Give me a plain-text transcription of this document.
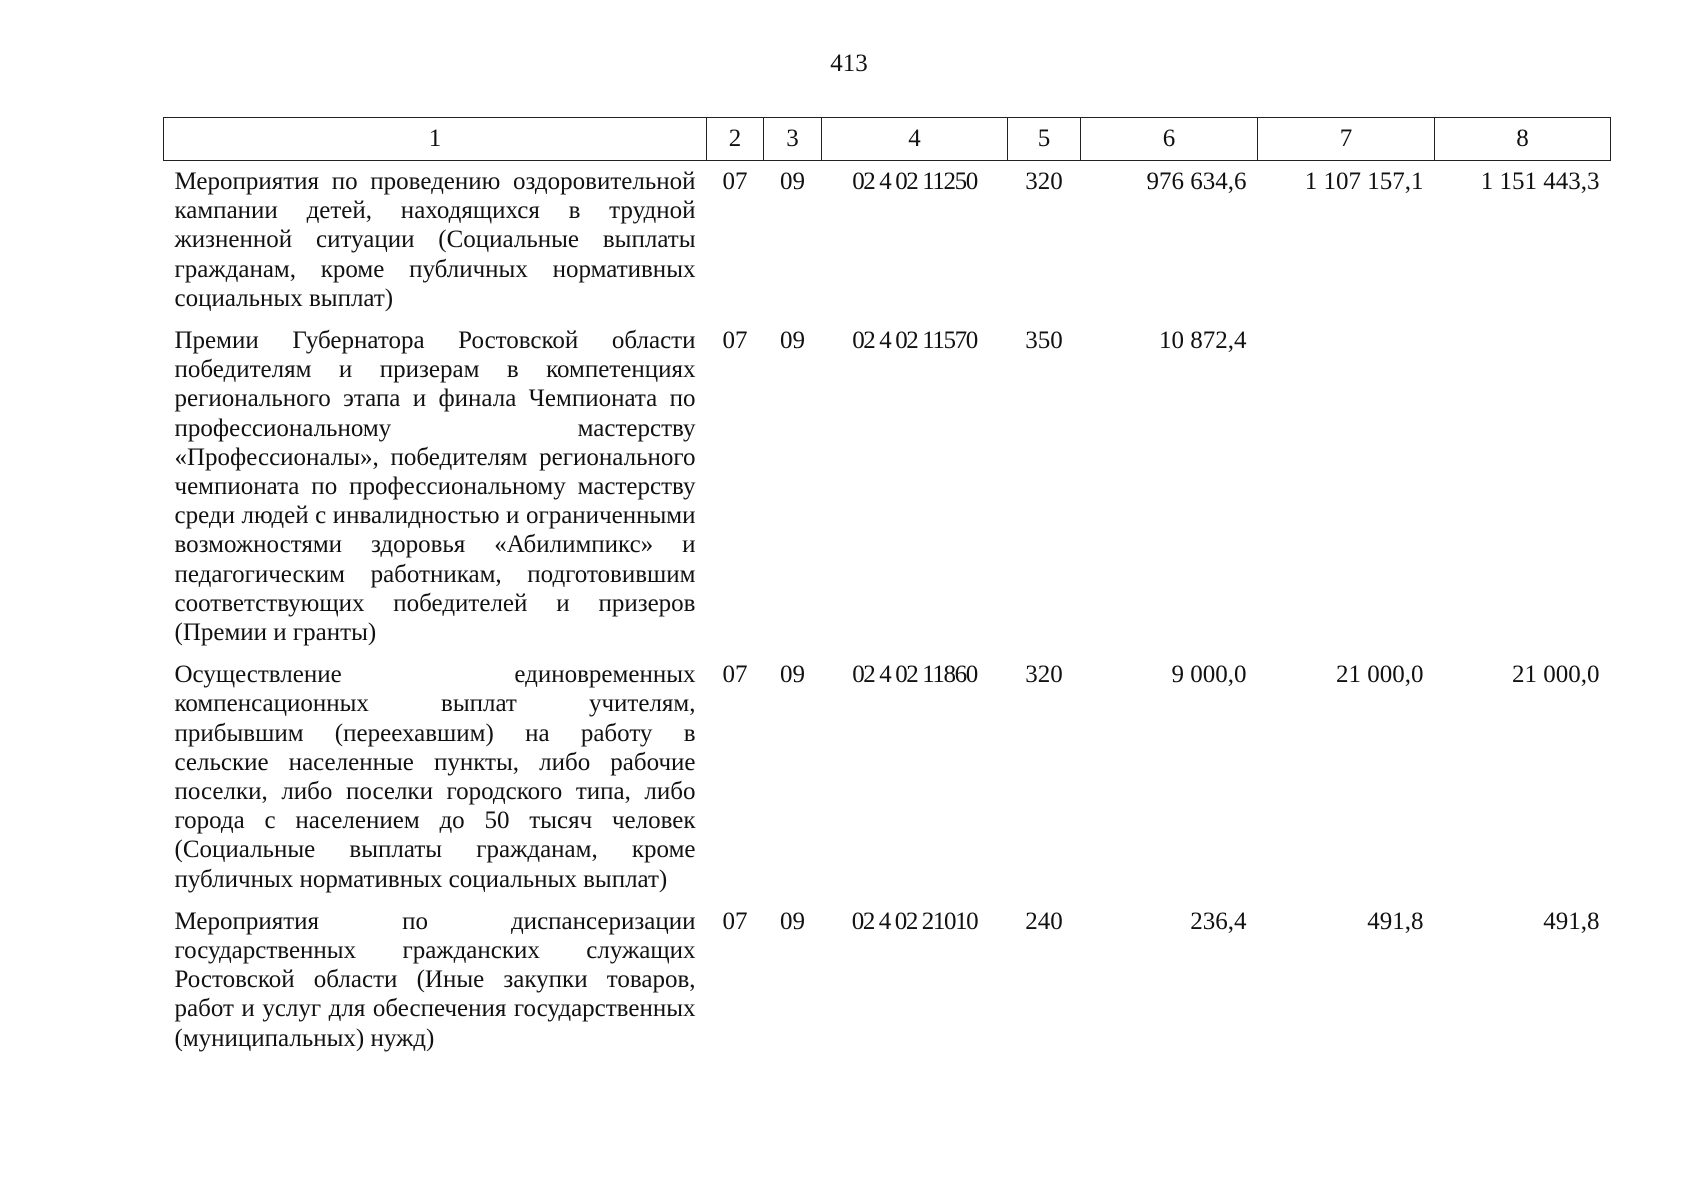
413
1	2	3	4	5	6	7	8
Мероприятия по проведению оздоровительной кампании детей, находящихся в трудной жизненной ситуации (Социальные выплаты гражданам, кроме публичных нормативных социальных выплат)	07	09	02 4 02 11250	320	976 634,6	1 107 157,1	1 151 443,3
Премии Губернатора Ростовской области победителям и призерам в компетенциях регионального этапа и финала Чемпионата по профессиональному мастерству «Профессионалы», победителям регионального чемпионата по профессиональному мастерству среди людей с инвалидностью и ограниченными возможностями здоровья «Абилимпикс» и педагогическим работникам, подготовившим соответствующих победителей и призеров (Премии и гранты)	07	09	02 4 02 11570	350	10 872,4		
Осуществление единовременных компенсационных выплат учителям, прибывшим (переехавшим) на работу в сельские населенные пункты, либо рабочие поселки, либо поселки городского типа, либо города с населением до 50 тысяч человек (Социальные выплаты гражданам, кроме публичных нормативных социальных выплат)	07	09	02 4 02 11860	320	9 000,0	21 000,0	21 000,0
Мероприятия по диспансеризации государственных гражданских служащих Ростовской области (Иные закупки товаров, работ и услуг для обеспечения государственных (муниципальных) нужд)	07	09	02 4 02 21010	240	236,4	491,8	491,8
